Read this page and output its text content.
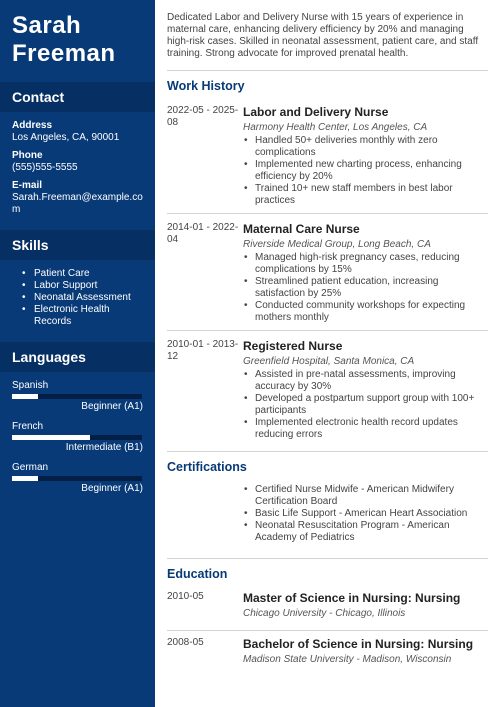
Sarah
Freeman
Contact
Address
Los Angeles, CA, 90001
Phone
(555)555-5555
E-mail
Sarah.Freeman@example.com
Skills
• Patient Care
• Labor Support
• Neonatal Assessment
• Electronic Health Records
Languages
Spanish
Beginner (A1)
French
Intermediate (B1)
German
Beginner (A1)
Dedicated Labor and Delivery Nurse with 15 years of experience in maternal care, enhancing delivery efficiency by 20% and managing high-risk cases. Skilled in neonatal assessment, patient care, and staff training. Strong advocate for improved prenatal health.
Work History
2022-05 - 2025-08
Labor and Delivery Nurse
Harmony Health Center, Los Angeles, CA
• Handled 50+ deliveries monthly with zero complications
• Implemented new charting process, enhancing efficiency by 20%
• Trained 10+ new staff members in best labor practices
2014-01 - 2022-04
Maternal Care Nurse
Riverside Medical Group, Long Beach, CA
• Managed high-risk pregnancy cases, reducing complications by 15%
• Streamlined patient education, increasing satisfaction by 25%
• Conducted community workshops for expecting mothers monthly
2010-01 - 2013-12
Registered Nurse
Greenfield Hospital, Santa Monica, CA
• Assisted in pre-natal assessments, improving accuracy by 30%
• Developed a postpartum support group with 100+ participants
• Implemented electronic health record updates reducing errors
Certifications
• Certified Nurse Midwife - American Midwifery Certification Board
• Basic Life Support - American Heart Association
• Neonatal Resuscitation Program - American Academy of Pediatrics
Education
2010-05	Master of Science in Nursing: Nursing
Chicago University - Chicago, Illinois
2008-05	Bachelor of Science in Nursing: Nursing
Madison State University - Madison, Wisconsin
